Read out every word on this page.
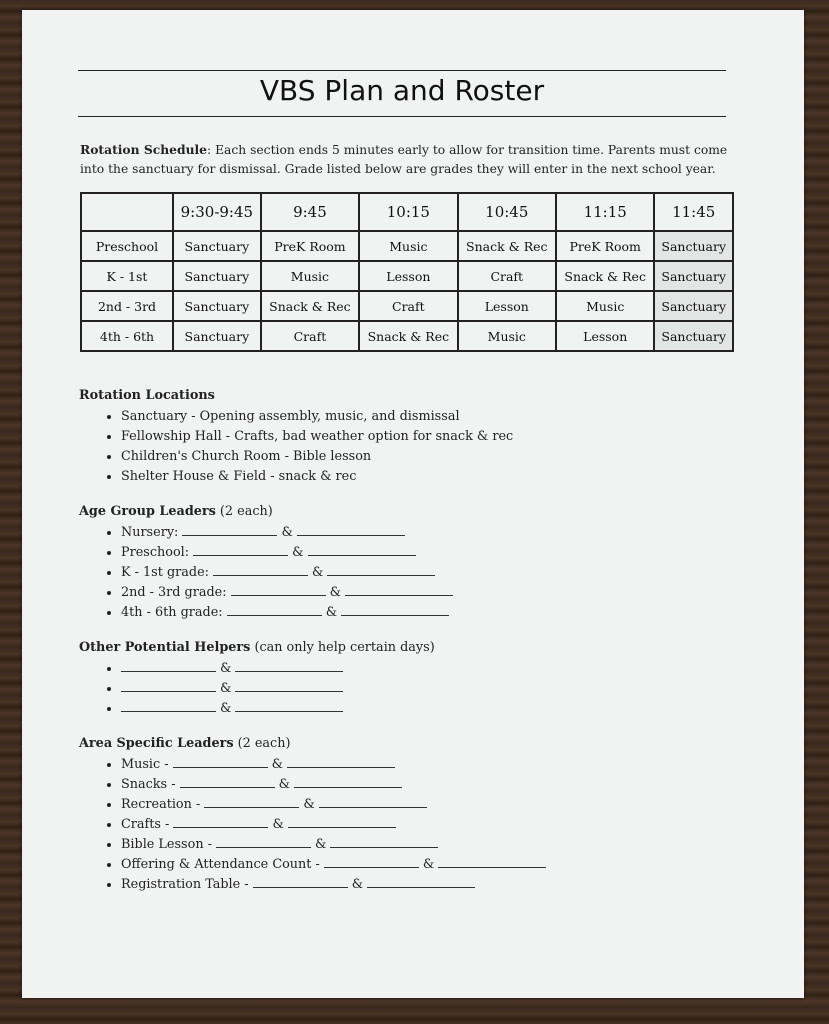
VBS Plan and Roster
Rotation Schedule: Each section ends 5 minutes early to allow for transition time. Parents must come into the sanctuary for dismissal. Grade listed below are grades they will enter in the next school year.
	9:30-9:45	9:45	10:15	10:45	11:15	11:45
Preschool	Sanctuary	PreK Room	Music	Snack & Rec	PreK Room	Sanctuary
K - 1st	Sanctuary	Music	Lesson	Craft	Snack & Rec	Sanctuary
2nd - 3rd	Sanctuary	Snack & Rec	Craft	Lesson	Music	Sanctuary
4th - 6th	Sanctuary	Craft	Snack & Rec	Music	Lesson	Sanctuary
Rotation Locations
• Sanctuary - Opening assembly, music, and dismissal
• Fellowship Hall - Crafts, bad weather option for snack & rec
• Children's Church Room - Bible lesson
• Shelter House & Field - snack & rec
Age Group Leaders (2 each)
• Nursery:	&
• Preschool:	&
• K - 1st grade:	&
• 2nd - 3rd grade:	&
• 4th - 6th grade:	&
Other Potential Helpers (can only help certain days)
• &
• &
• &
Area Specific Leaders (2 each)
• Music -	&
• Snacks -	&
• Recreation -	&
• Crafts -	&
• Bible Lesson -	&
• Offering & Attendance Count -	&
• Registration Table -	&
